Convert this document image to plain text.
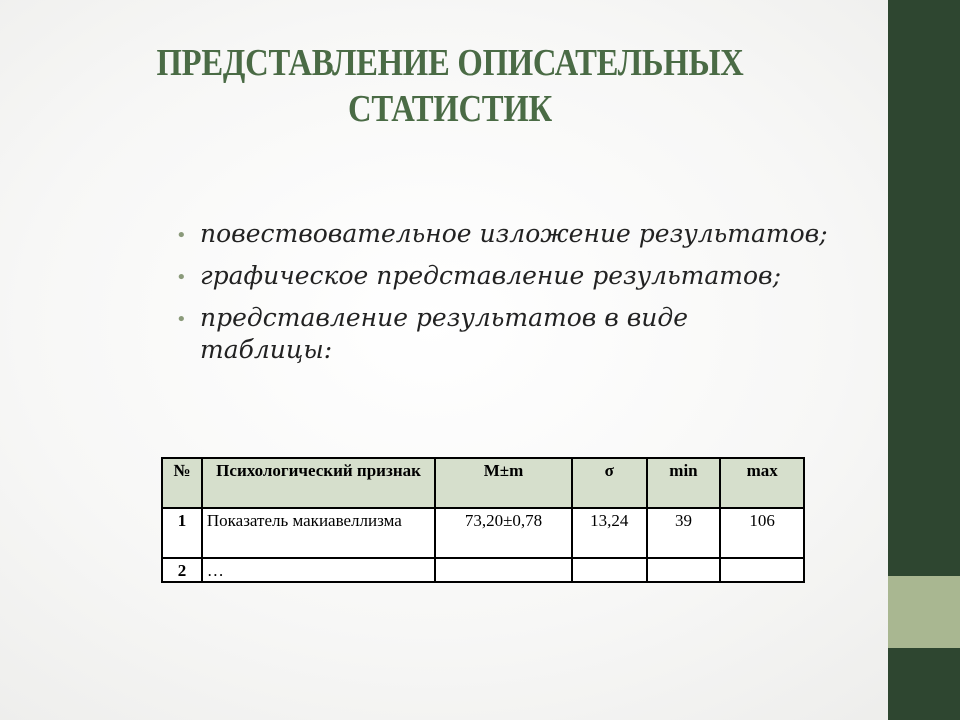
ПРЕДСТАВЛЕНИЕ ОПИСАТЕЛЬНЫХ СТАТИСТИК
• повествовательное изложение результатов;
• графическое представление результатов;
• представление результатов в виде таблицы:
№	Психологический признак	M±m	σ	min	max
1	Показатель макиавеллизма	73,20±0,78	13,24	39	106
2	…				
